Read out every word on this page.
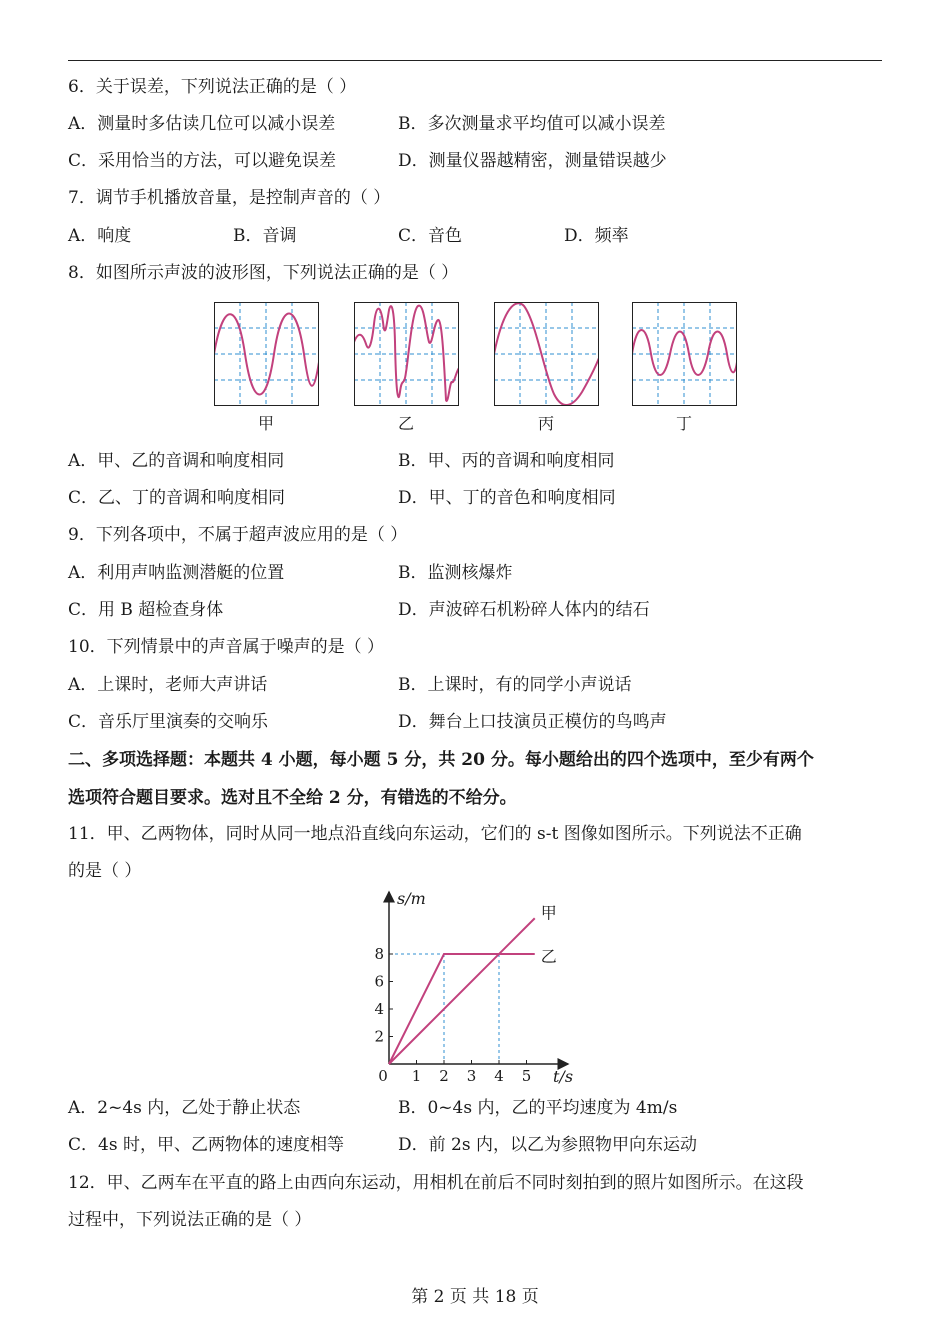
6．关于误差，下列说法正确的是（ ）
A．测量时多估读几位可以减小误差	B．多次测量求平均值可以减小误差
C．采用恰当的方法，可以避免误差	D．测量仪器越精密，测量错误越少
7．调节手机播放音量，是控制声音的（ ）
A．响度	B．音调	C．音色	D．频率
8．如图所示声波的波形图，下列说法正确的是（ ）
甲	乙	丙	丁
A．甲、乙的音调和响度相同	B．甲、丙的音调和响度相同
C．乙、丁的音调和响度相同	D．甲、丁的音色和响度相同
9．下列各项中，不属于超声波应用的是（ ）
A．利用声呐监测潜艇的位置	B．监测核爆炸
C．用 B 超检查身体	D．声波碎石机粉碎人体内的结石
10．下列情景中的声音属于噪声的是（ ）
A．上课时，老师大声讲话	B．上课时，有的同学小声说话
C．音乐厅里演奏的交响乐	D．舞台上口技演员正模仿的鸟鸣声
二、多项选择题：本题共 4 小题，每小题 5 分，共 20 分。每小题给出的四个选项中，至少有两个
选项符合题目要求。选对且不全给 2 分，有错选的不给分。
11．甲、乙两物体，同时从同一地点沿直线向东运动，它们的 s-t 图像如图所示。下列说法不正确
的是（ ）
0 1 2 3 4 5
2
4
6
8
甲
乙
s/m
t/s
A．2~4s 内，乙处于静止状态	B．0~4s 内，乙的平均速度为 4m/s
C．4s 时，甲、乙两物体的速度相等	D．前 2s 内，以乙为参照物甲向东运动
12．甲、乙两车在平直的路上由西向东运动，用相机在前后不同时刻拍到的照片如图所示。在这段
过程中，下列说法正确的是（ ）
第 2 页 共 18 页
